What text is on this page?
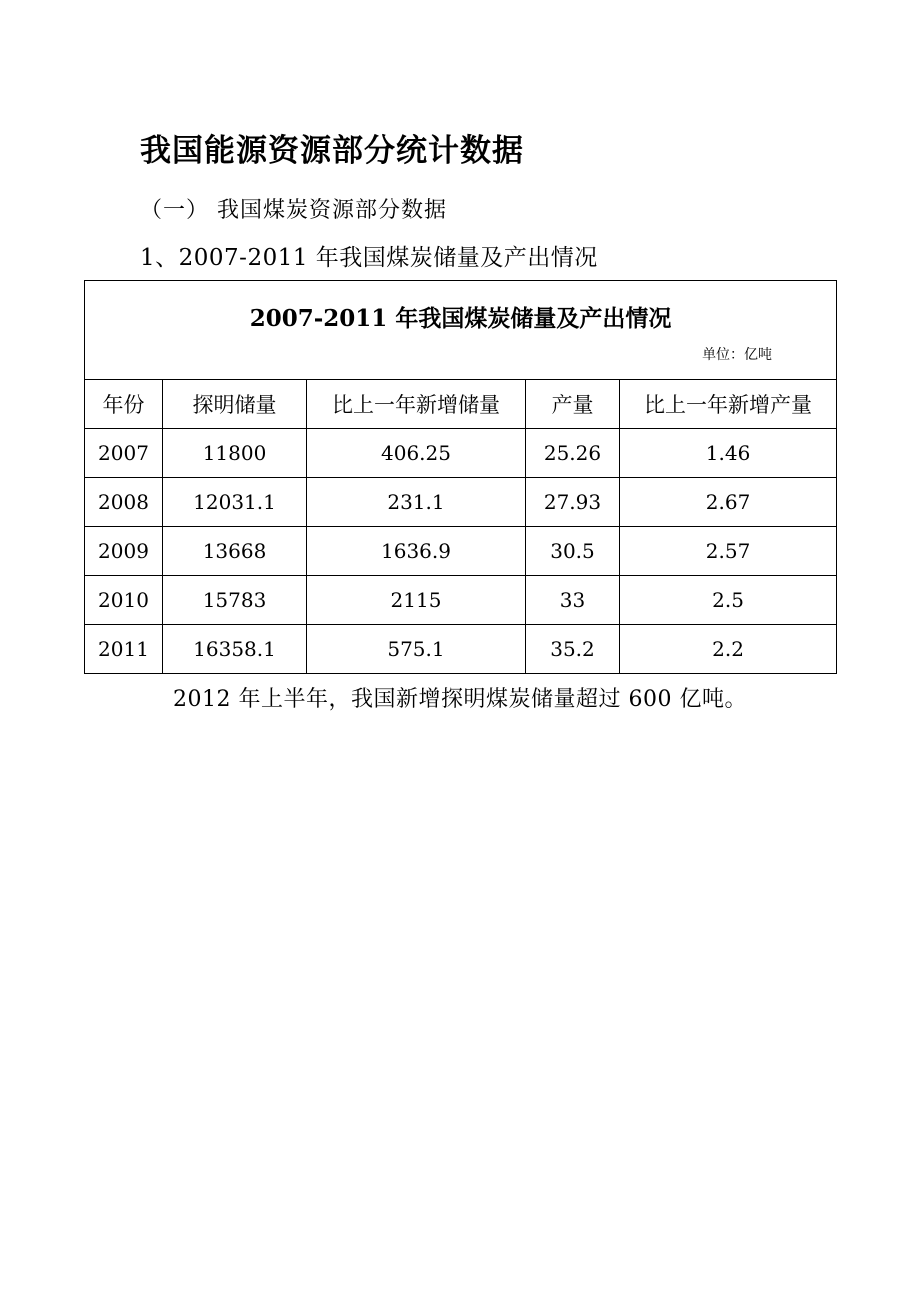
我国能源资源部分统计数据
（一） 我国煤炭资源部分数据
1、2007-2011 年我国煤炭储量及产出情况
2007-2011 年我国煤炭储量及产出情况
单位：亿吨				

年份	探明储量	比上一年新增储量	产量	比上一年新增产量
2007	11800	406.25	25.26	1.46
2008	12031.1	231.1	27.93	2.67
2009	13668	1636.9	30.5	2.57
2010	15783	2115	33	2.5
2011	16358.1	575.1	35.2	2.2

2012 年上半年，我国新增探明煤炭储量超过 600 亿吨。
